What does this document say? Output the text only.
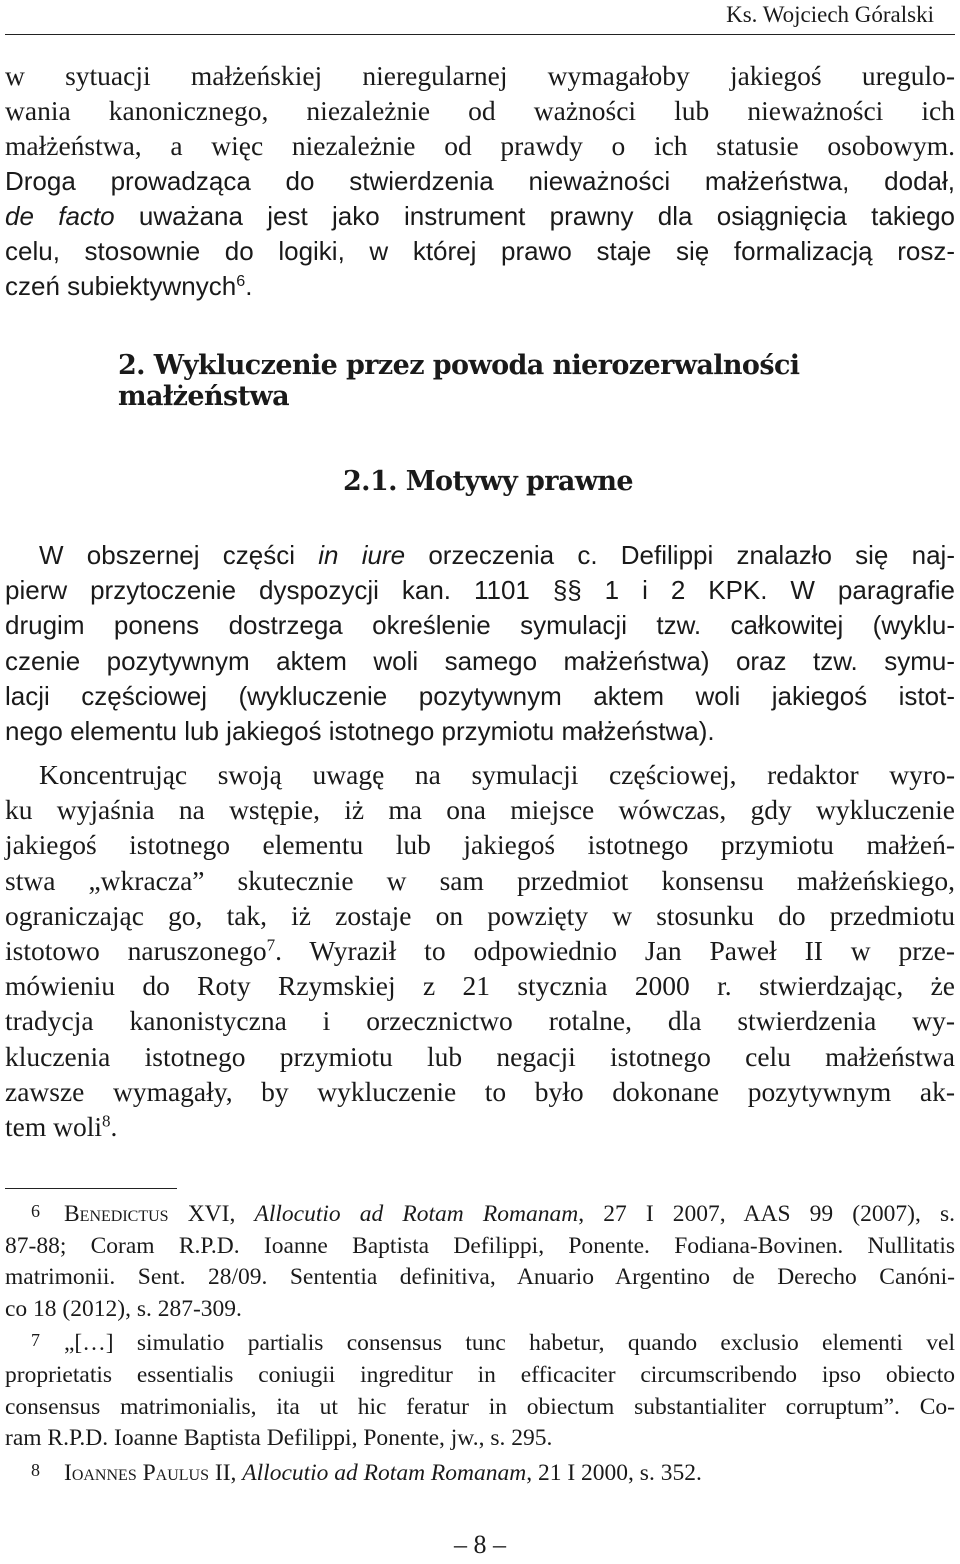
Ks. Wojciech Góralski
w sytuacji małżeńskiej nieregularnej wymagałoby jakiegoś uregulo-
wania kanonicznego, niezależnie od ważności lub nieważności ich
małżeństwa, a więc niezależnie od prawdy o ich statusie osobowym.
Droga prowadząca do stwierdzenia nieważności małżeństwa, dodał,
de facto uważana jest jako instrument prawny dla osiągnięcia takiego
celu, stosownie do logiki, w której prawo staje się formalizacją rosz-
czeń subiektywnych$^6$.
2. Wykluczenie przez powoda nierozerwalności małżeństwa
2.1. Motywy prawne
W obszernej części in iure orzeczenia c. Defilippi znalazło się naj-
pierw przytoczenie dyspozycji kan. 1101 §§ 1 i 2 KPK. W paragrafie
drugim ponens dostrzega określenie symulacji tzw. całkowitej (wyklu-
czenie pozytywnym aktem woli samego małżeństwa) oraz tzw. symu-
lacji częściowej (wykluczenie pozytywnym aktem woli jakiegoś istot-
nego elementu lub jakiegoś istotnego przymiotu małżeństwa).
Koncentrując swoją uwagę na symulacji częściowej, redaktor wyro-
ku wyjaśnia na wstępie, iż ma ona miejsce wówczas, gdy wykluczenie
jakiegoś istotnego elementu lub jakiegoś istotnego przymiotu małżeń-
stwa „wkracza” skutecznie w sam przedmiot konsensu małżeńskiego,
ograniczając go, tak, iż zostaje on powzięty w stosunku do przedmiotu
istotowo naruszonego$^7$. Wyraził to odpowiednio Jan Paweł II w prze-
mówieniu do Roty Rzymskiej z 21 stycznia 2000 r. stwierdzając, że
tradycja kanonistyczna i orzecznictwo rotalne, dla stwierdzenia wy-
kluczenia istotnego przymiotu lub negacji istotnego celu małżeństwa
zawsze wymagały, by wykluczenie to było dokonane pozytywnym ak-
tem woli$^8$.
6 Benedictus XVI, Allocutio ad Rotam Romanam, 27 I 2007, AAS 99 (2007), s.
87-88; Coram R.P.D. Ioanne Baptista Defilippi, Ponente. Fodiana-Bovinen. Nullitatis
matrimonii. Sent. 28/09. Sententia definitiva, Anuario Argentino de Derecho Canóni-
co 18 (2012), s. 287-309.
7 „[…] simulatio partialis consensus tunc habetur, quando exclusio elementi vel
proprietatis essentialis coniugii ingreditur in efficaciter circumscribendo ipso obiecto
consensus matrimonialis, ita ut hic feratur in obiectum substantialiter corruptum”. Co-
ram R.P.D. Ioanne Baptista Defilippi, Ponente, jw., s. 295.
8 Ioannes Paulus II, Allocutio ad Rotam Romanam, 21 I 2000, s. 352.
– 8 –
